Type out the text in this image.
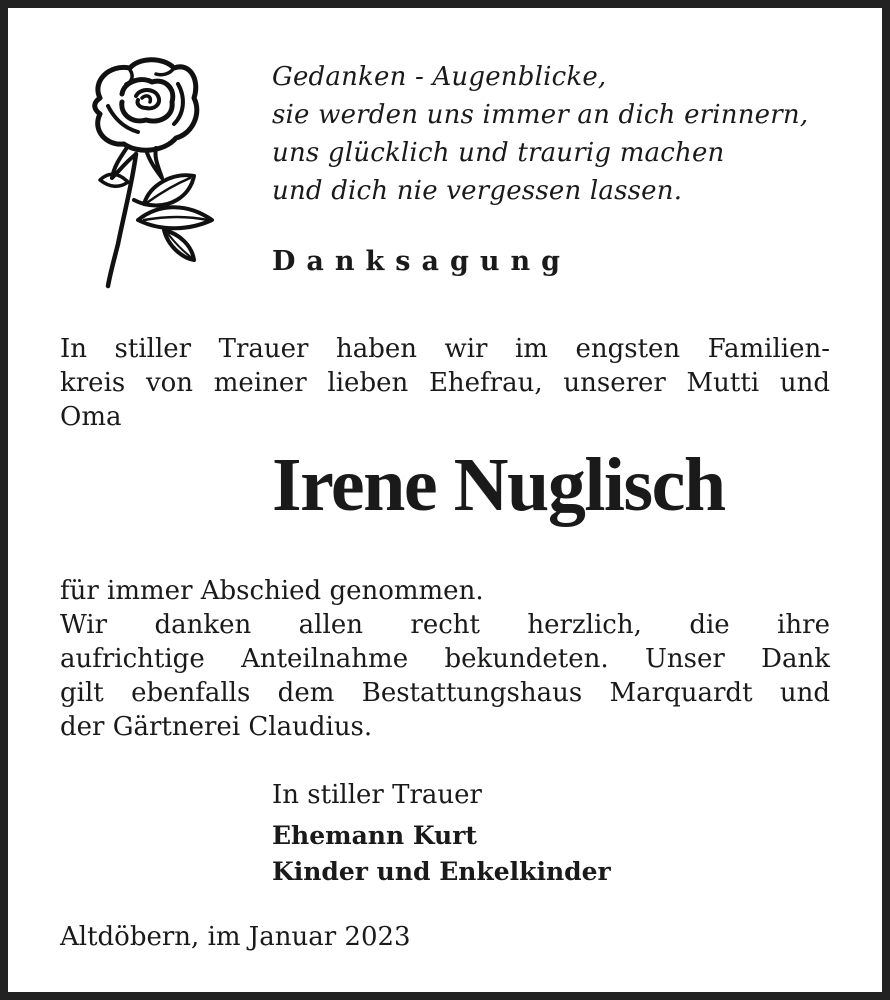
Gedanken - Augenblicke,
sie werden uns immer an dich erinnern,
uns glücklich und traurig machen
und dich nie vergessen lassen.
Danksagung
In stiller Trauer haben wir im engsten Familien-
kreis von meiner lieben Ehefrau, unserer Mutti und
Oma
Irene Nuglisch
für immer Abschied genommen.
Wir danken allen recht herzlich, die ihre
aufrichtige Anteilnahme bekundeten. Unser Dank
gilt ebenfalls dem Bestattungshaus Marquardt und
der Gärtnerei Claudius.
In stiller Trauer
Ehemann Kurt
Kinder und Enkelkinder
Altdöbern, im Januar 2023
